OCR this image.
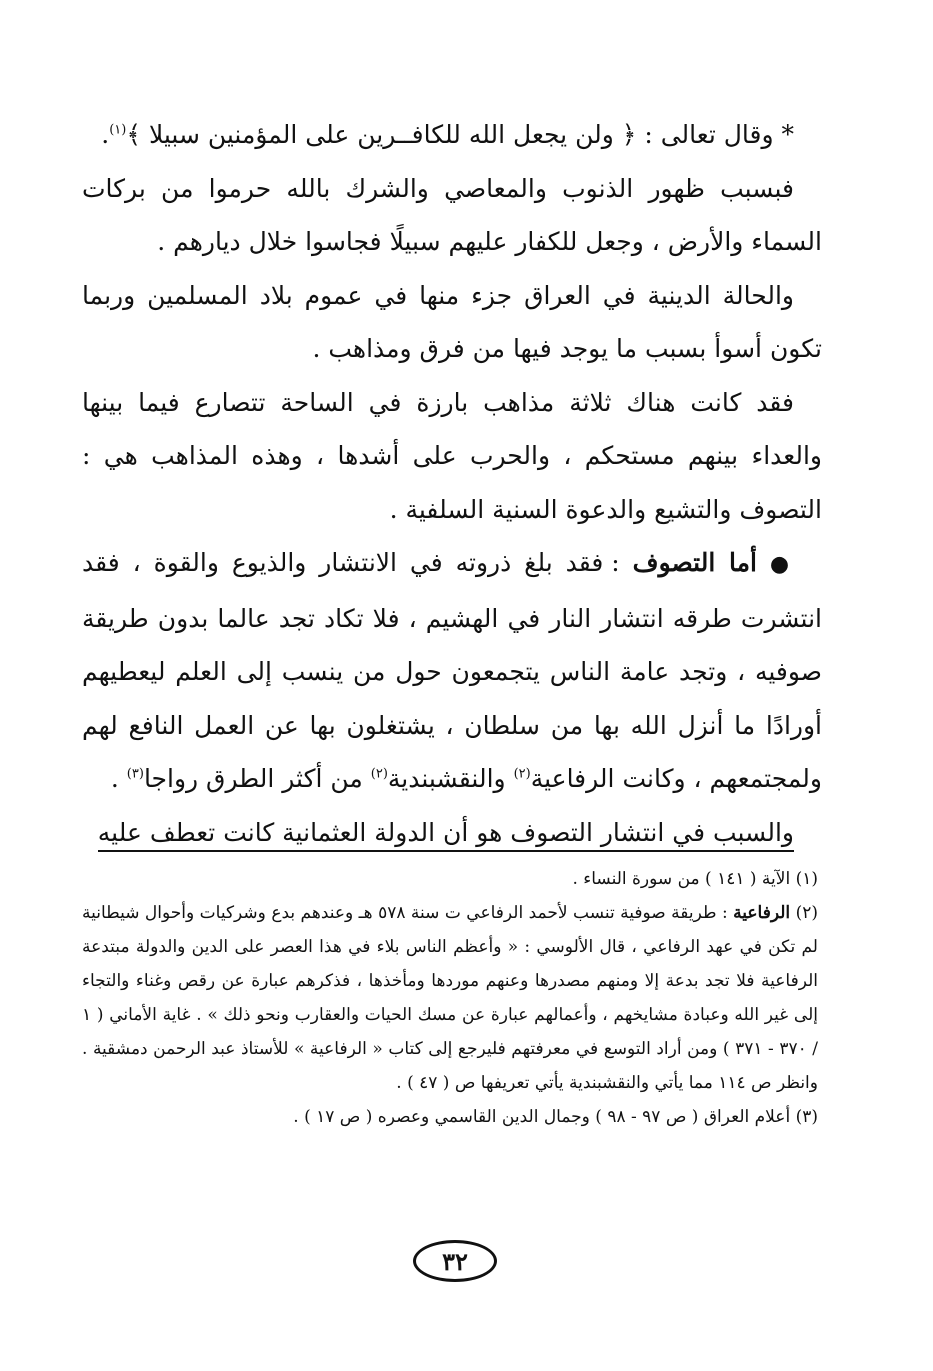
* وقال تعالى : ﴿ ولن يجعل الله للكافــرين على المؤمنين سبيلا ﴾$^{(١)}$.

فبسبب ظهور الذنوب والمعاصي والشرك بالله حرموا من بركات السماء والأرض ، وجعل للكفار عليهم سبيلًا فجاسوا خلال ديارهم .

والحالة الدينية في العراق جزء منها في عموم بلاد المسلمين وربما تكون أسوأ بسبب ما يوجد فيها من فرق ومذاهب .

فقد كانت هناك ثلاثة مذاهب بارزة في الساحة تتصارع فيما بينها والعداء بينهم مستحكم ، والحرب على أشدها ، وهذه المذاهب هي : التصوف والتشيع والدعوة السنية السلفية .

● أما التصوف : فقد بلغ ذروته في الانتشار والذيوع والقوة ، فقد انتشرت طرقه انتشار النار في الهشيم ، فلا تكاد تجد عالما بدون طريقة صوفيه ، وتجد عامة الناس يتجمعون حول من ينسب إلى العلم ليعطيهم أورادًا ما أنزل الله بها من سلطان ، يشتغلون بها عن العمل النافع لهم ولمجتمعهم ، وكانت الرفاعية$^{(٢)}$ والنقشبندية$^{(٢)}$ من أكثر الطرق رواجا$^{(٣)}$ .

والسبب في انتشار التصوف هو أن الدولة العثمانية كانت تعطف عليه

(١) الآية ( ١٤١ ) من سورة النساء .

(٢) الرفاعية : طريقة صوفية تنسب لأحمد الرفاعي ت سنة ٥٧٨ هـ وعندهم بدع وشركيات وأحوال شيطانية لم تكن في عهد الرفاعي ، قال الألوسي : « وأعظم الناس بلاء في هذا العصر على الدين والدولة مبتدعة الرفاعية فلا تجد بدعة إلا ومنهم مصدرها وعنهم موردها ومأخذها ، فذكرهم عبارة عن رقص وغناء والتجاء إلى غير الله وعبادة مشايخهم ، وأعمالهم عبارة عن مسك الحيات والعقارب ونحو ذلك » . غاية الأماني ( ١ / ٣٧٠ - ٣٧١ ) ومن أراد التوسع في معرفتهم فليرجع إلى كتاب « الرفاعية » للأستاذ عبد الرحمن دمشقية . وانظر ص ١١٤ مما يأتي والنقشبندية يأتي تعريفها ص ( ٤٧ ) .

(٣) أعلام العراق ( ص ٩٧ - ٩٨ ) وجمال الدين القاسمي وعصره ( ص ١٧ ) .

٣٢
